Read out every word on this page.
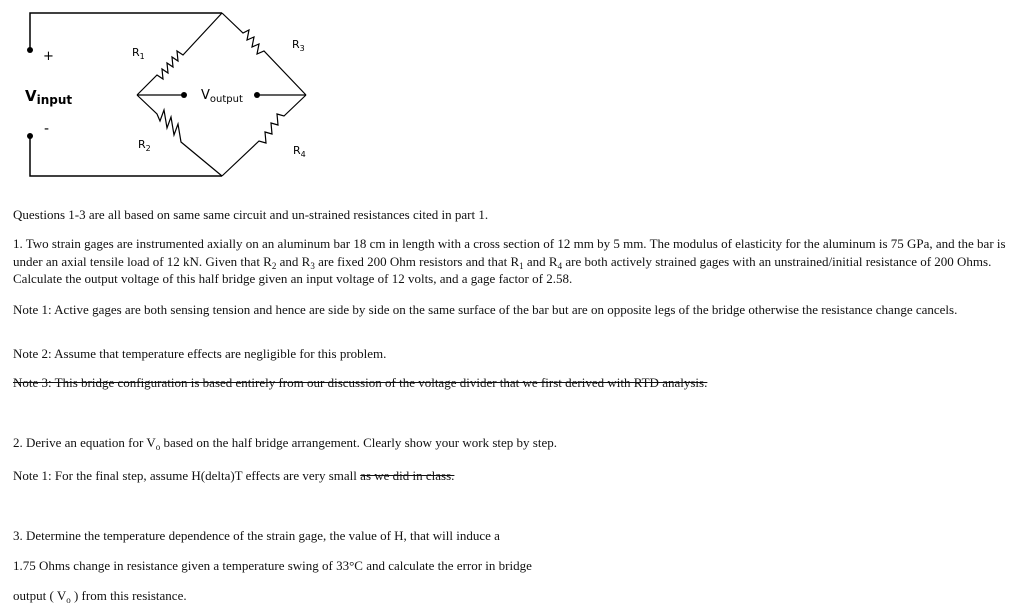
+
-
Vinput	Voutput
R1
R2
R3
R4
Questions 1-3 are all based on same same circuit and un-strained resistances cited in part 1.
1. Two strain gages are instrumented axially on an aluminum bar 18 cm in length with a cross section of 12 mm by 5 mm. The modulus of elasticity for the aluminum is 75 GPa, and the bar is under an axial tensile load of 12 kN. Given that $R_2$ and $R_3$ are fixed 200 Ohm resistors and that $R_1$ and $R_4$ are both actively strained gages with an unstrained/initial resistance of 200 Ohms. Calculate the output voltage of this half bridge given an input voltage of 12 volts, and a gage factor of 2.58.
Note 1: Active gages are both sensing tension and hence are side by side on the same surface of the bar but are on opposite legs of the bridge otherwise the resistance change cancels.
Note 2: Assume that temperature effects are negligible for this problem.
Note 3: This bridge configuration is based entirely from our discussion of the voltage divider that we first derived with RTD analysis.
2. Derive an equation for $V_o$ based on the half bridge arrangement. Clearly show your work step by step.
Note 1: For the final step, assume H(delta)T effects are very small as we did in class.
3. Determine the temperature dependence of the strain gage, the value of H, that will induce a
1.75 Ohms change in resistance given a temperature swing of 33°C and calculate the error in bridge
output ( $V_o$ ) from this resistance.
